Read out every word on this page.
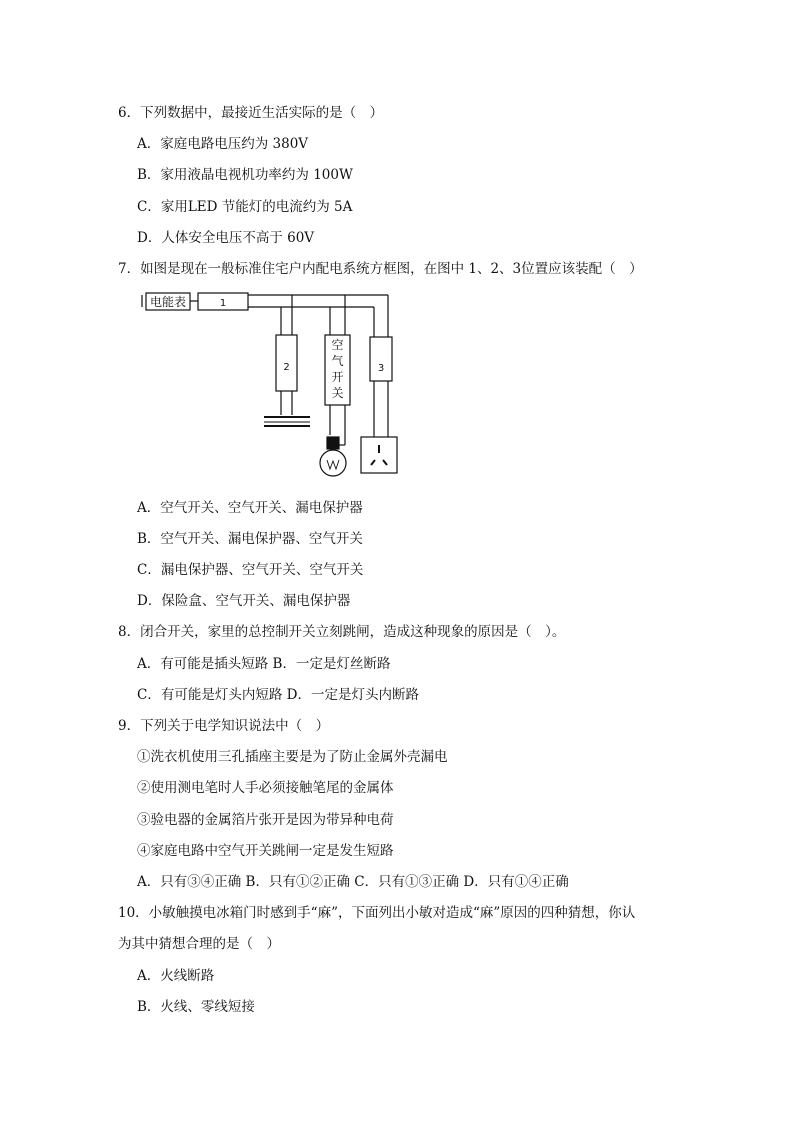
6．下列数据中，最接近生活实际的是（　）
A．家庭电路电压约为 380V
B．家用液晶电视机功率约为 100W
C．家用LED 节能灯的电流约为 5A
D．人体安全电压不高于 60V
7．如图是现在一般标准住宅户内配电系统方框图，在图中 1、2、3位置应该装配（　）
电能表	1
2	3
空
气
开
关
A．空气开关、空气开关、漏电保护器
B．空气开关、漏电保护器、空气开关
C．漏电保护器、空气开关、空气开关
D．保险盒、空气开关、漏电保护器
8．闭合开关，家里的总控制开关立刻跳闸，造成这种现象的原因是（　）。
A．有可能是插头短路 B．一定是灯丝断路
C．有可能是灯头内短路 D．一定是灯头内断路
9．下列关于电学知识说法中（　）
①洗衣机使用三孔插座主要是为了防止金属外壳漏电
②使用测电笔时人手必须接触笔尾的金属体
③验电器的金属箔片张开是因为带异种电荷
④家庭电路中空气开关跳闸一定是发生短路
A．只有③④正确 B．只有①②正确 C．只有①③正确 D．只有①④正确
10．小敏触摸电冰箱门时感到手“麻”，下面列出小敏对造成“麻”原因的四种猜想，你认
为其中猜想合理的是（　）
A．火线断路
B．火线、零线短接
